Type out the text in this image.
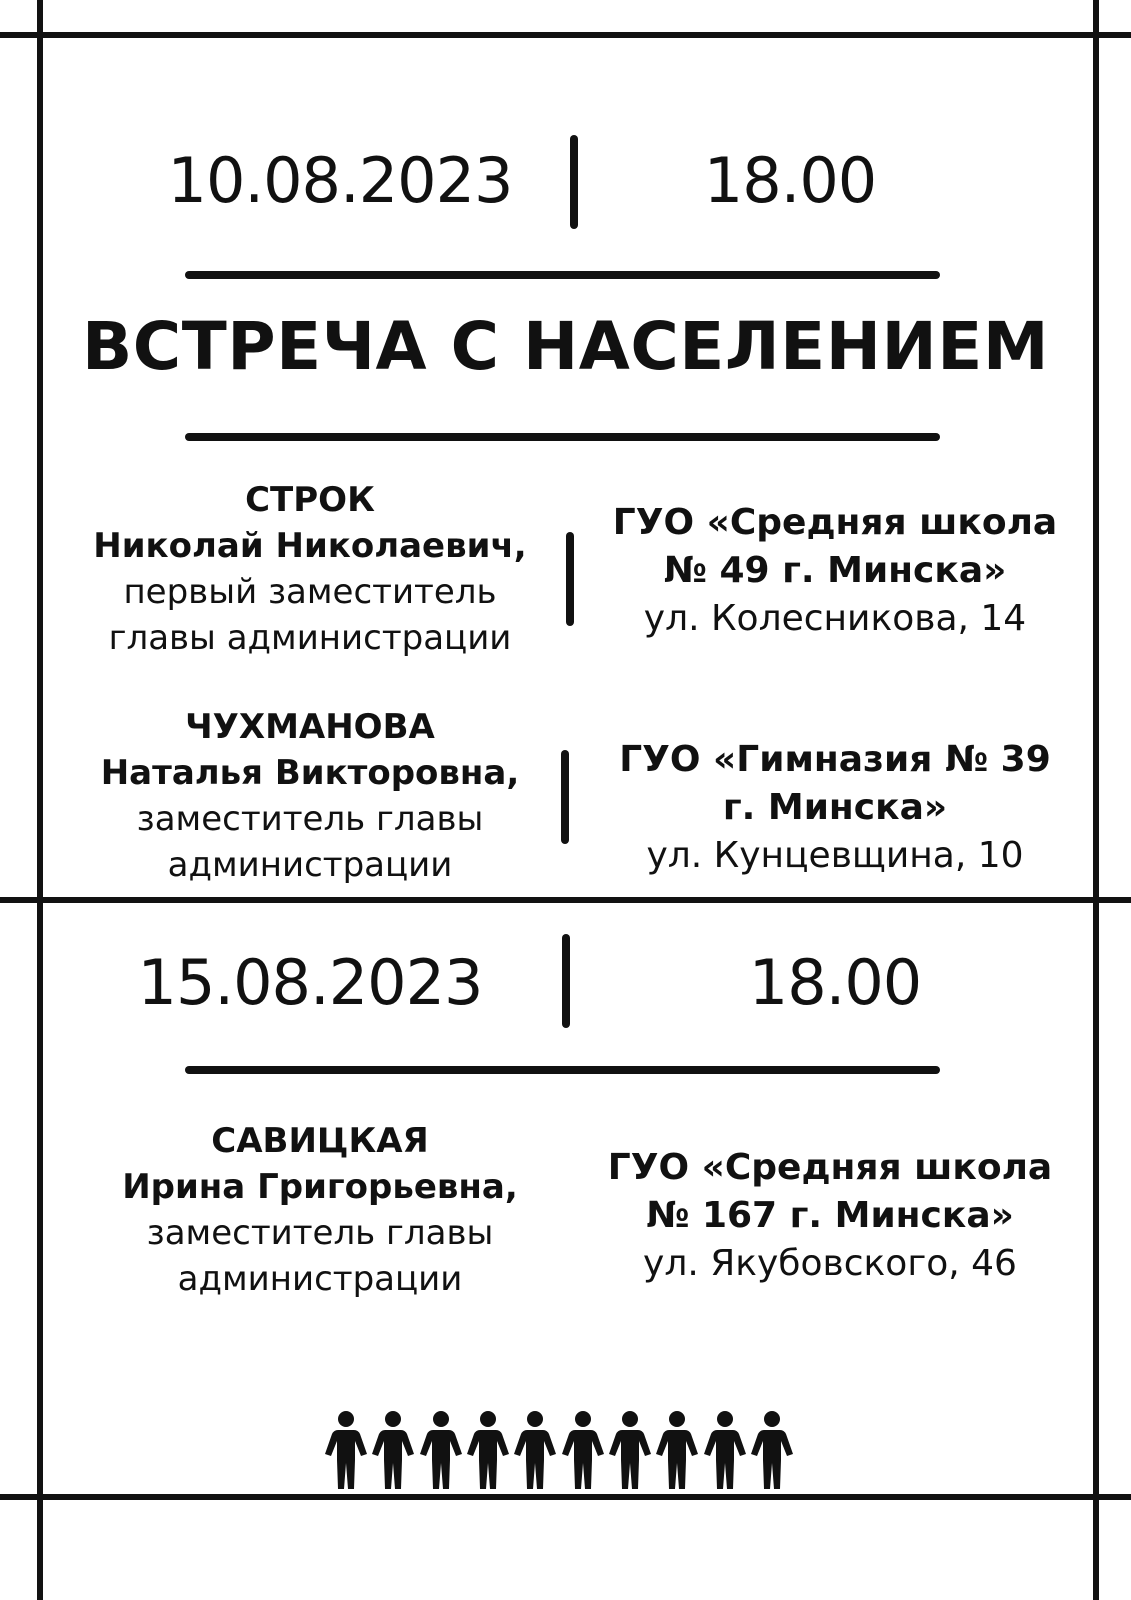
10.08.2023	18.00
ВСТРЕЧА С НАСЕЛЕНИЕМ
СТРОК
Николай Николаевич,
первый заместитель
главы администрации
ГУО «Средняя школа
№ 49 г. Минска»
ул. Колесникова, 14
ЧУХМАНОВА
Наталья Викторовна,
заместитель главы
администрации
ГУО «Гимназия № 39
г. Минска»
ул. Кунцевщина, 10
15.08.2023	18.00
САВИЦКАЯ
Ирина Григорьевна,
заместитель главы
администрации
ГУО «Средняя школа
№ 167 г. Минска»
ул. Якубовского, 46
